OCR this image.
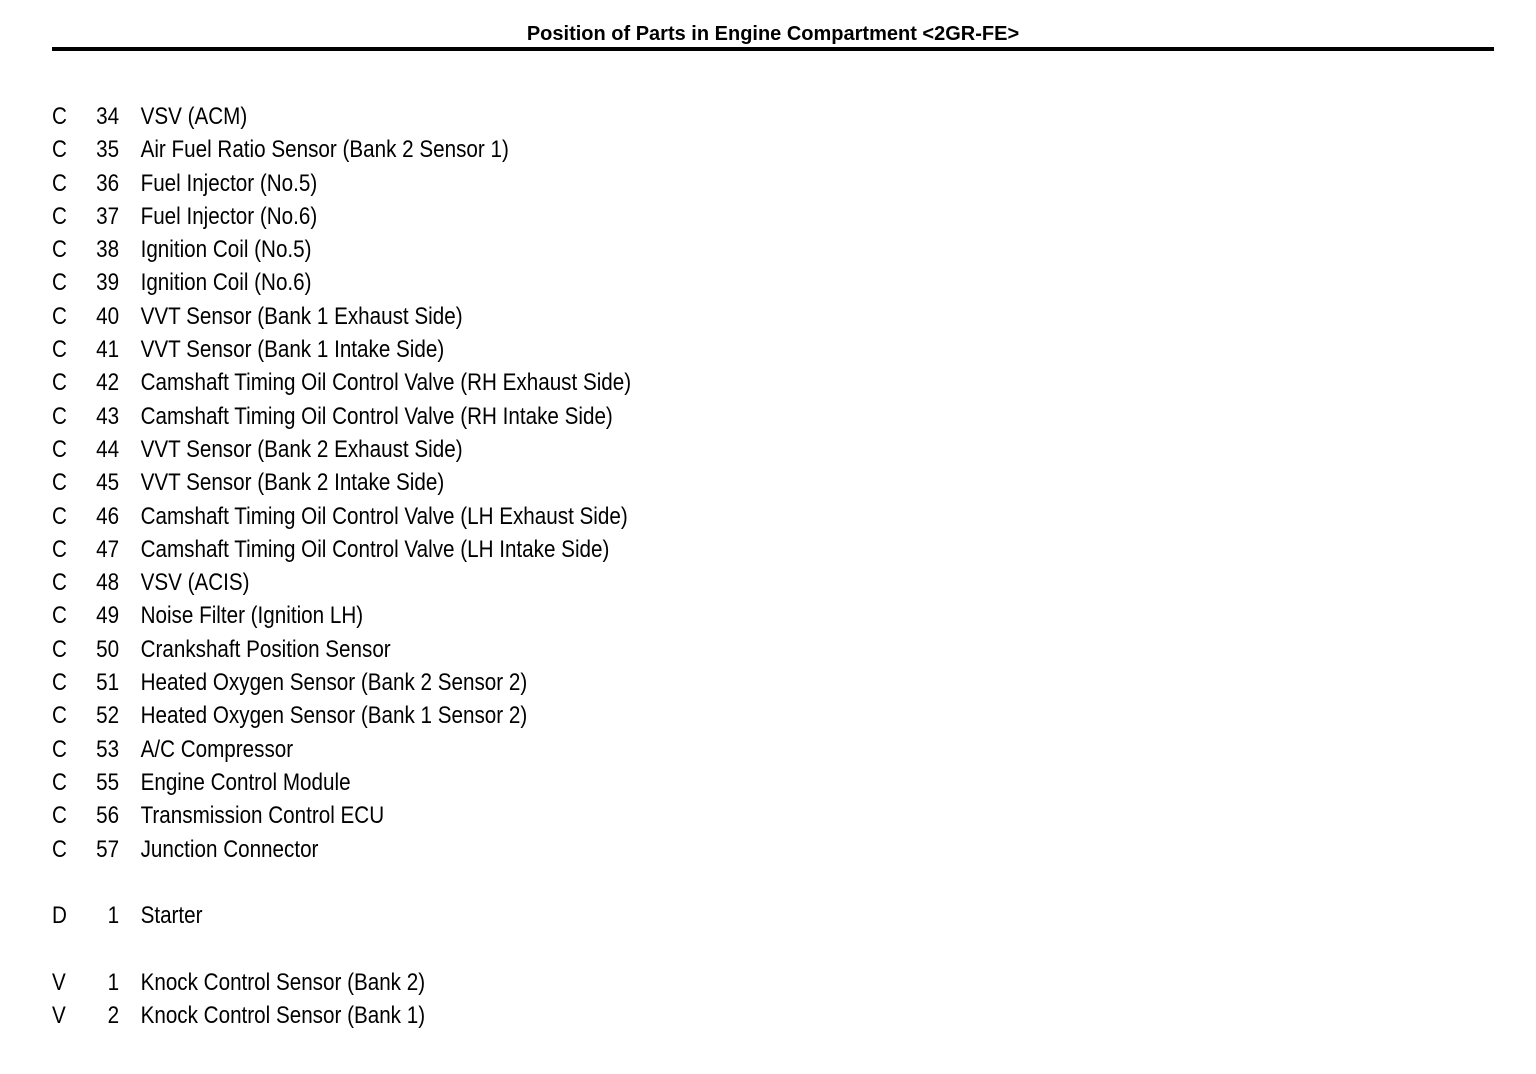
Position of Parts in Engine Compartment <2GR-FE>
C	34 VSV (ACM)
C	35 Air Fuel Ratio Sensor (Bank 2 Sensor 1)
C	36 Fuel Injector (No.5)
C	37 Fuel Injector (No.6)
C	38 Ignition Coil (No.5)
C	39 Ignition Coil (No.6)
C	40 VVT Sensor (Bank 1 Exhaust Side)
C	41 VVT Sensor (Bank 1 Intake Side)
C	42 Camshaft Timing Oil Control Valve (RH Exhaust Side)
C	43 Camshaft Timing Oil Control Valve (RH Intake Side)
C	44 VVT Sensor (Bank 2 Exhaust Side)
C	45 VVT Sensor (Bank 2 Intake Side)
C	46 Camshaft Timing Oil Control Valve (LH Exhaust Side)
C	47 Camshaft Timing Oil Control Valve (LH Intake Side)
C	48 VSV (ACIS)
C	49 Noise Filter (Ignition LH)
C	50 Crankshaft Position Sensor
C	51 Heated Oxygen Sensor (Bank 2 Sensor 2)
C	52 Heated Oxygen Sensor (Bank 1 Sensor 2)
C	53 A/C Compressor
C	55 Engine Control Module
C	56 Transmission Control ECU
C	57 Junction Connector
D	1 Starter
V	1 Knock Control Sensor (Bank 2)
V	2 Knock Control Sensor (Bank 1)
